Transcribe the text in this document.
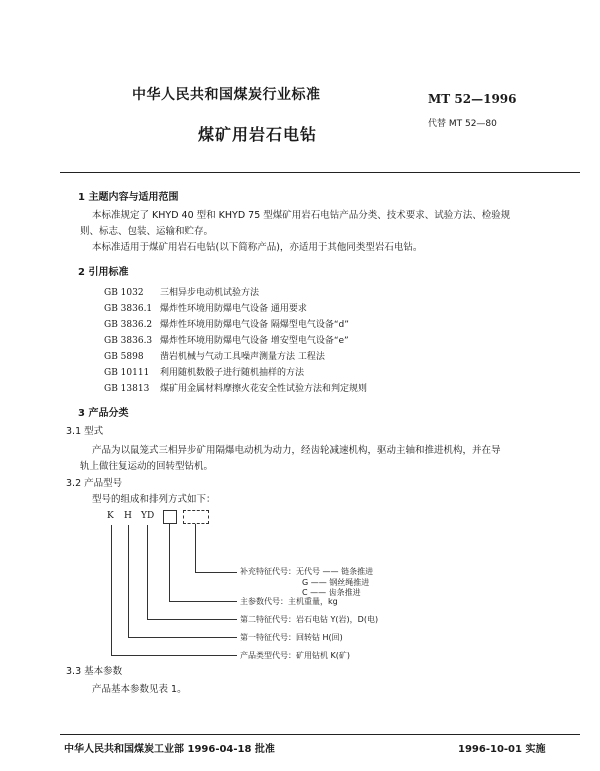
中华人民共和国煤炭行业标准	MT 52—1996
煤矿用岩石电钻
代替 MT 52—80
1 主题内容与适用范围
本标准规定了 KHYD 40 型和 KHYD 75 型煤矿用岩石电钻产品分类、技术要求、试验方法、检验规
则、标志、包装、运输和贮存。
本标准适用于煤矿用岩石电钻(以下简称产品)，亦适用于其他同类型岩石电钻。
2 引用标准
GB 1032 三相异步电动机试验方法
GB 3836.1 爆炸性环境用防爆电气设备 通用要求
GB 3836.2 爆炸性环境用防爆电气设备 隔爆型电气设备“d”
GB 3836.3 爆炸性环境用防爆电气设备 增安型电气设备“e”
GB 5898 凿岩机械与气动工具噪声测量方法 工程法
GB 10111 利用随机数骰子进行随机抽样的方法
GB 13813 煤矿用金属材料摩擦火花安全性试验方法和判定规则
3 产品分类
3.1 型式
产品为以鼠笼式三相异步矿用隔爆电动机为动力，经齿轮减速机构，驱动主轴和推进机构，并在导
轨上做往复运动的回转型钻机。
3.2 产品型号
型号的组成和排列方式如下：
K H YD
补充特征代号：无代号 —— 链条推进
G —— 钢丝绳推进
C —— 齿条推进
主参数代号：主机重量，kg
第二特征代号：岩石电钻 Y(岩)，D(电)
第一特征代号：回转钻 H(回)
产品类型代号：矿用钻机 K(矿)
3.3 基本参数
产品基本参数见表 1。
中华人民共和国煤炭工业部 1996-04-18 批准	1996-10-01 实施
